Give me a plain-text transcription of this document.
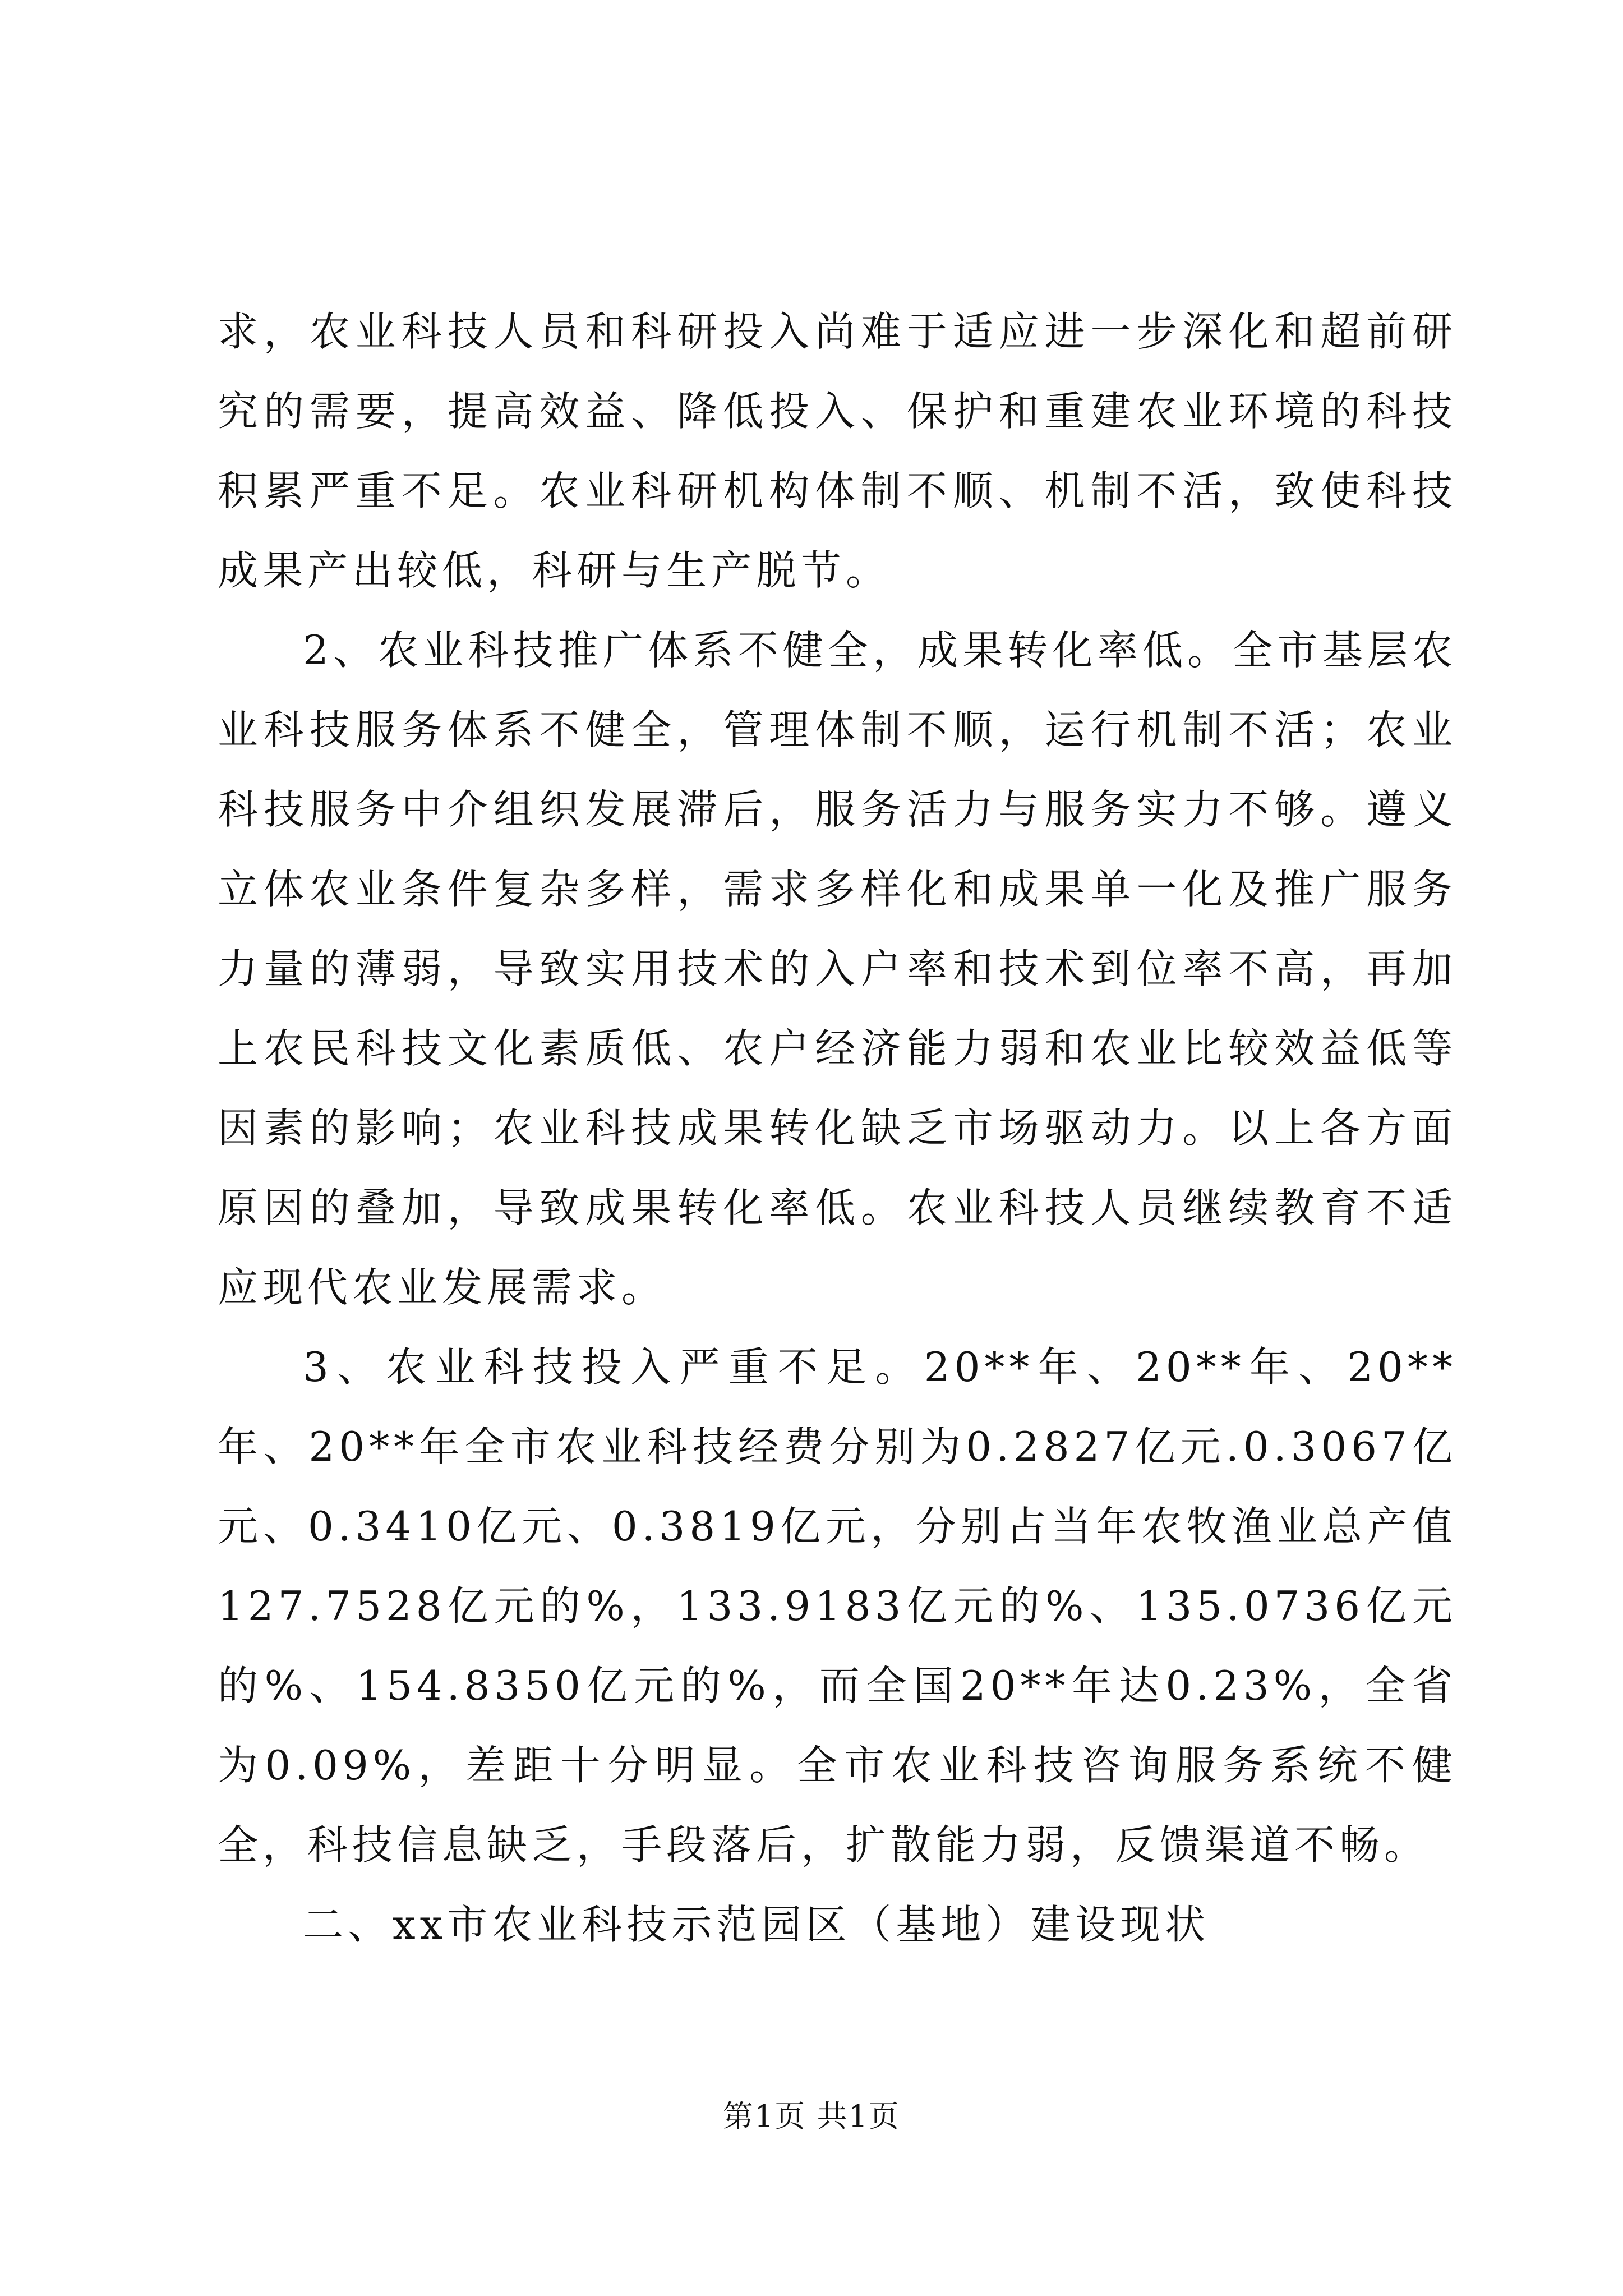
求，农业科技人员和科研投入尚难于适应进一步深化和超前研究的需要，提高效益、降低投入、保护和重建农业环境的科技积累严重不足。农业科研机构体制不顺、机制不活，致使科技成果产出较低，科研与生产脱节。

2、农业科技推广体系不健全，成果转化率低。全市基层农业科技服务体系不健全，管理体制不顺，运行机制不活；农业科技服务中介组织发展滞后，服务活力与服务实力不够。遵义立体农业条件复杂多样，需求多样化和成果单一化及推广服务力量的薄弱，导致实用技术的入户率和技术到位率不高，再加上农民科技文化素质低、农户经济能力弱和农业比较效益低等因素的影响；农业科技成果转化缺乏市场驱动力。以上各方面原因的叠加，导致成果转化率低。农业科技人员继续教育不适应现代农业发展需求。

3、农业科技投入严重不足。20**年、20**年、20**年、20**年全市农业科技经费分别为0.2827亿元.0.3067亿元、0.3410亿元、0.3819亿元，分别占当年农牧渔业总产值127.7528亿元的%，133.9183亿元的%、135.0736亿元的%、154.8350亿元的%，而全国20**年达0.23%，全省为0.09%，差距十分明显。全市农业科技咨询服务系统不健全，科技信息缺乏，手段落后，扩散能力弱，反馈渠道不畅。

二、xx市农业科技示范园区（基地）建设现状

第1页 共1页
